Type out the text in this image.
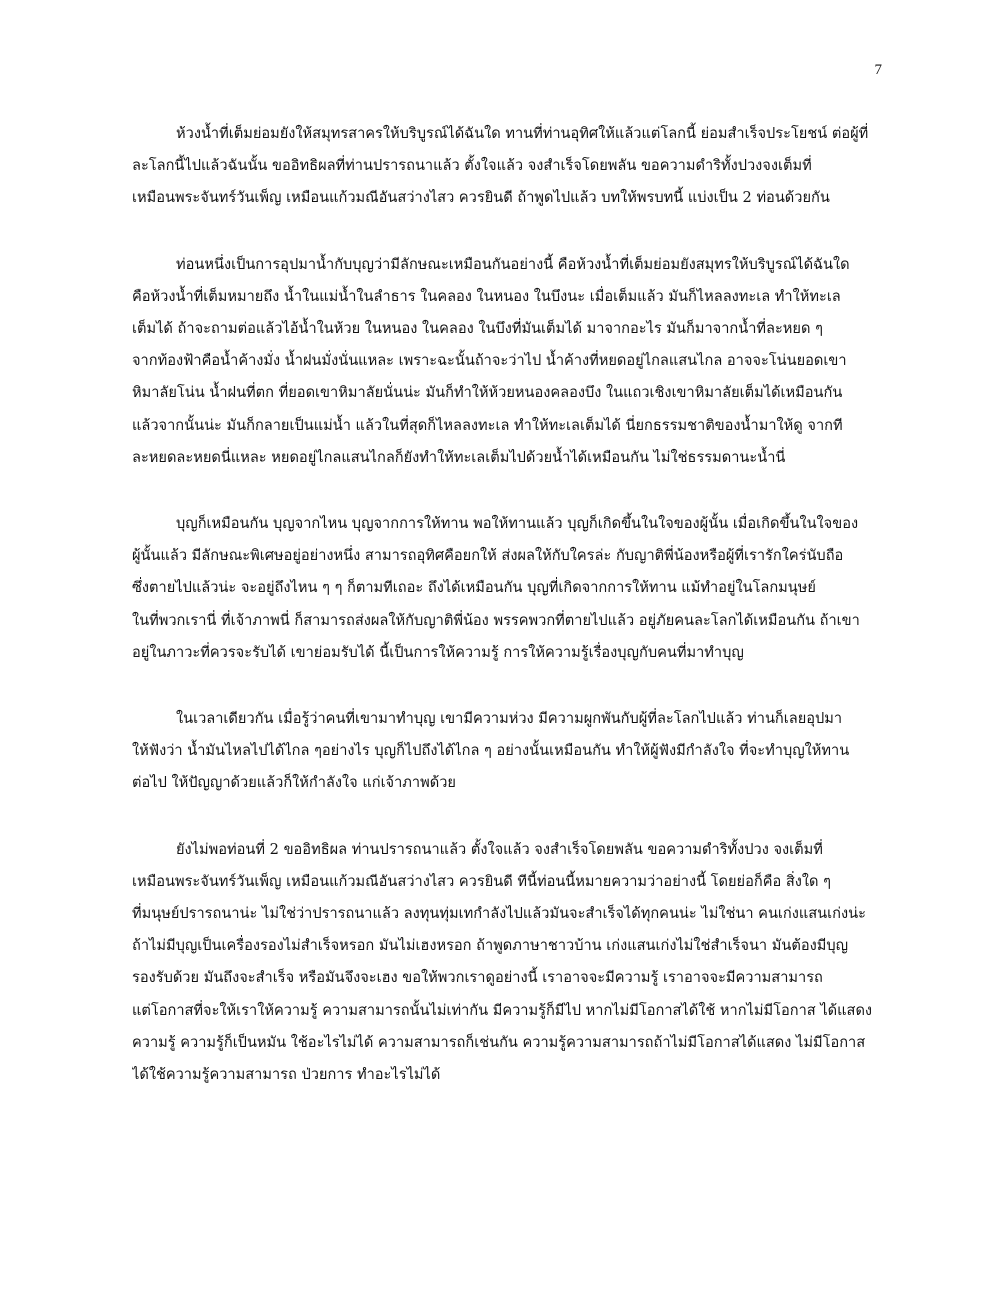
7

ห้วงน้ำที่เต็มย่อมยังให้สมุทรสาครให้บริบูรณ์ได้ฉันใด ทานที่ท่านอุทิศให้แล้วแต่โลกนี้ ย่อมสำเร็จประโยชน์ ต่อผู้ที่
ละโลกนี้ไปแล้วฉันนั้น ขออิทธิผลที่ท่านปรารถนาแล้ว ตั้งใจแล้ว จงสำเร็จโดยพลัน ขอความดำริทั้งปวงจงเต็มที่
เหมือนพระจันทร์วันเพ็ญ เหมือนแก้วมณีอันสว่างไสว ควรยินดี ถ้าพูดไปแล้ว บทให้พรบทนี้ แบ่งเป็น 2 ท่อนด้วยกัน

ท่อนหนึ่งเป็นการอุปมาน้ำกับบุญว่ามีลักษณะเหมือนกันอย่างนี้ คือห้วงน้ำที่เต็มย่อมยังสมุทรให้บริบูรณ์ได้ฉันใด
คือห้วงน้ำที่เต็มหมายถึง น้ำในแม่น้ำในลำธาร ในคลอง ในหนอง ในบึงนะ เมื่อเต็มแล้ว มันก็ไหลลงทะเล ทำให้ทะเล
เต็มได้ ถ้าจะถามต่อแล้วไอ้น้ำในห้วย ในหนอง ในคลอง ในบึงที่มันเต็มได้ มาจากอะไร มันก็มาจากน้ำที่ละหยด ๆ
จากท้องฟ้าคือน้ำค้างมั่ง น้ำฝนมั่งนั่นแหละ เพราะฉะนั้นถ้าจะว่าไป น้ำค้างที่หยดอยู่ไกลแสนไกล อาจจะโน่นยอดเขา
หิมาลัยโน่น น้ำฝนที่ตก ที่ยอดเขาหิมาลัยนั่นน่ะ มันก็ทำให้ห้วยหนองคลองบึง ในแถวเชิงเขาหิมาลัยเต็มได้เหมือนกัน
แล้วจากนั้นน่ะ มันก็กลายเป็นแม่น้ำ แล้วในที่สุดก็ไหลลงทะเล ทำให้ทะเลเต็มได้ นี่ยกธรรมชาติของน้ำมาให้ดู จากที
ละหยดละหยดนี่แหละ หยดอยู่ไกลแสนไกลก็ยังทำให้ทะเลเต็มไปด้วยน้ำได้เหมือนกัน ไม่ใช่ธรรมดานะน้ำนี่

บุญก็เหมือนกัน บุญจากไหน บุญจากการให้ทาน พอให้ทานแล้ว บุญก็เกิดขึ้นในใจของผู้นั้น เมื่อเกิดขึ้นในใจของ
ผู้นั้นแล้ว มีลักษณะพิเศษอยู่อย่างหนึ่ง สามารถอุทิศคือยกให้ ส่งผลให้กับใครล่ะ กับญาติพี่น้องหรือผู้ที่เรารักใคร่นับถือ
ซึ่งตายไปแล้วน่ะ จะอยู่ถึงไหน ๆ ๆ ก็ตามทีเถอะ ถึงได้เหมือนกัน บุญที่เกิดจากการให้ทาน แม้ทำอยู่ในโลกมนุษย์
ในที่พวกเรานี่ ที่เจ้าภาพนี่ ก็สามารถส่งผลให้กับญาติพี่น้อง พรรคพวกที่ตายไปแล้ว อยู่ภัยคนละโลกได้เหมือนกัน ถ้าเขา
อยู่ในภาวะที่ควรจะรับได้ เขาย่อมรับได้ นี้เป็นการให้ความรู้ การให้ความรู้เรื่องบุญกับคนที่มาทำบุญ

ในเวลาเดียวกัน เมื่อรู้ว่าคนที่เขามาทำบุญ เขามีความห่วง มีความผูกพันกับผู้ที่ละโลกไปแล้ว ท่านก็เลยอุปมา
ให้ฟังว่า น้ำมันไหลไปได้ไกล ๆอย่างไร บุญก็ไปถึงได้ไกล ๆ อย่างนั้นเหมือนกัน ทำให้ผู้ฟังมีกำลังใจ ที่จะทำบุญให้ทาน
ต่อไป ให้ปัญญาด้วยแล้วก็ให้กำลังใจ แก่เจ้าภาพด้วย

ยังไม่พอท่อนที่ 2 ขออิทธิผล ท่านปรารถนาแล้ว ตั้งใจแล้ว จงสำเร็จโดยพลัน ขอความดำริทั้งปวง จงเต็มที่
เหมือนพระจันทร์วันเพ็ญ เหมือนแก้วมณีอันสว่างไสว ควรยินดี ทีนี้ท่อนนี้หมายความว่าอย่างนี้ โดยย่อก็คือ สิ่งใด ๆ
ที่มนุษย์ปรารถนาน่ะ ไม่ใช่ว่าปรารถนาแล้ว ลงทุนทุ่มเทกำลังไปแล้วมันจะสำเร็จได้ทุกคนน่ะ ไม่ใช่นา คนเก่งแสนเก่งน่ะ
ถ้าไม่มีบุญเป็นเครื่องรองไม่สำเร็จหรอก มันไม่เฮงหรอก ถ้าพูดภาษาชาวบ้าน เก่งแสนเก่งไม่ใช่สำเร็จนา มันต้องมีบุญ
รองรับด้วย มันถึงจะสำเร็จ หรือมันจึงจะเฮง ขอให้พวกเราดูอย่างนี้ เราอาจจะมีความรู้ เราอาจจะมีความสามารถ
แต่โอกาสที่จะให้เราให้ความรู้ ความสามารถนั้นไม่เท่ากัน มีความรู้ก็มีไป หากไม่มีโอกาสได้ใช้ หากไม่มีโอกาส ได้แสดง
ความรู้ ความรู้ก็เป็นหมัน ใช้อะไรไม่ได้ ความสามารถก็เช่นกัน ความรู้ความสามารถถ้าไม่มีโอกาสได้แสดง ไม่มีโอกาส
ได้ใช้ความรู้ความสามารถ ป่วยการ ทำอะไรไม่ได้
